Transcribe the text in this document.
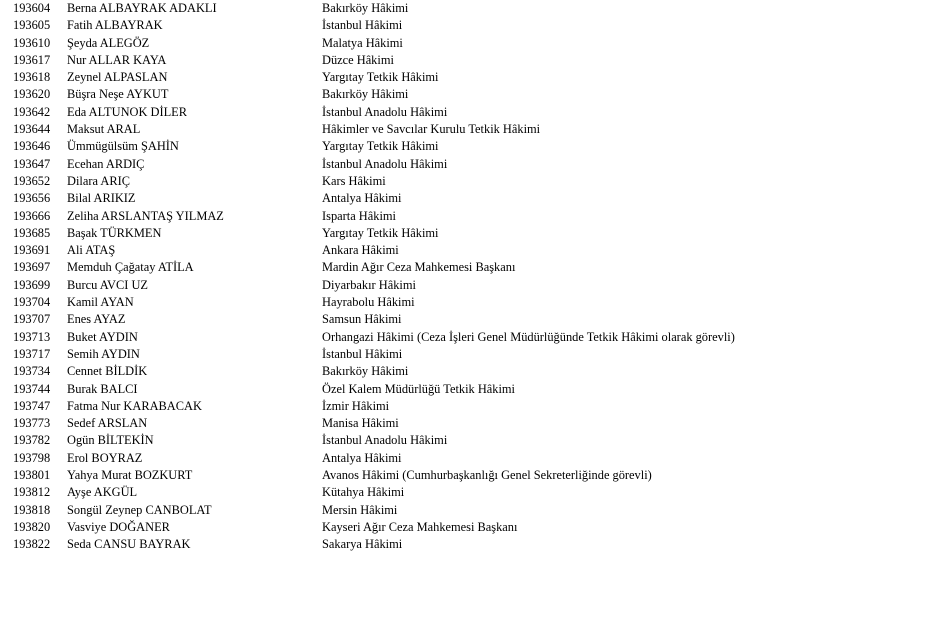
193604 Berna ALBAYRAK ADAKLI	Bakırköy Hâkimi
193605 Fatih ALBAYRAK	İstanbul Hâkimi
193610 Şeyda ALEGÖZ	Malatya Hâkimi
193617 Nur ALLAR KAYA	Düzce Hâkimi
193618 Zeynel ALPASLAN	Yargıtay Tetkik Hâkimi
193620 Büşra Neşe AYKUT	Bakırköy Hâkimi
193642 Eda ALTUNOK DİLER	İstanbul Anadolu Hâkimi
193644 Maksut ARAL	Hâkimler ve Savcılar Kurulu Tetkik Hâkimi
193646 Ümmügülsüm ŞAHİN	Yargıtay Tetkik Hâkimi
193647 Ecehan ARDIÇ	İstanbul Anadolu Hâkimi
193652 Dilara ARIÇ	Kars Hâkimi
193656 Bilal ARIKIZ	Antalya Hâkimi
193666 Zeliha ARSLANTAŞ YILMAZ	Isparta Hâkimi
193685 Başak TÜRKMEN	Yargıtay Tetkik Hâkimi
193691 Ali ATAŞ	Ankara Hâkimi
193697 Memduh Çağatay ATİLA	Mardin Ağır Ceza Mahkemesi Başkanı
193699 Burcu AVCI UZ	Diyarbakır Hâkimi
193704 Kamil AYAN	Hayrabolu Hâkimi
193707 Enes AYAZ	Samsun Hâkimi
193713 Buket AYDIN	Orhangazi Hâkimi (Ceza İşleri Genel Müdürlüğünde Tetkik Hâkimi olarak görevli)
193717 Semih AYDIN	İstanbul Hâkimi
193734 Cennet BİLDİK	Bakırköy Hâkimi
193744 Burak BALCI	Özel Kalem Müdürlüğü Tetkik Hâkimi
193747 Fatma Nur KARABACAK	İzmir Hâkimi
193773 Sedef ARSLAN	Manisa Hâkimi
193782 Ogün BİLTEKİN	İstanbul Anadolu Hâkimi
193798 Erol BOYRAZ	Antalya Hâkimi
193801 Yahya Murat BOZKURT	Avanos Hâkimi (Cumhurbaşkanlığı Genel Sekreterliğinde görevli)
193812 Ayşe AKGÜL	Kütahya Hâkimi
193818 Songül Zeynep CANBOLAT	Mersin Hâkimi
193820 Vasviye DOĞANER	Kayseri Ağır Ceza Mahkemesi Başkanı
193822 Seda CANSU BAYRAK	Sakarya Hâkimi
